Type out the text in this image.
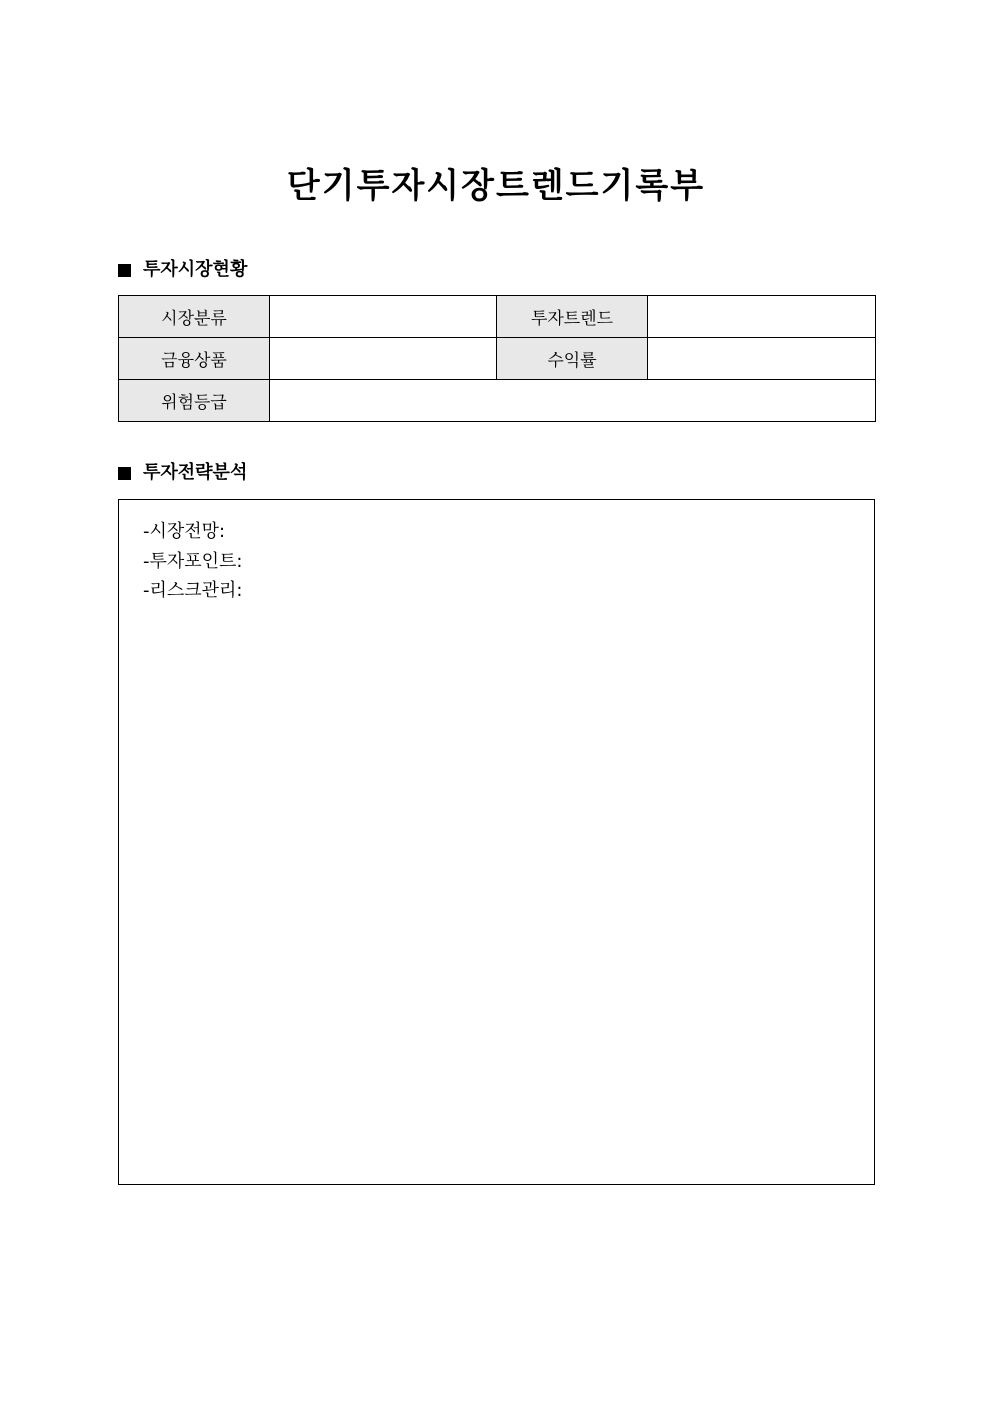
단기투자시장트렌드기록부
투자시장현황
시장분류		투자트렌드	
금융상품		수익률	
위험등급			
투자전략분석
-시장전망:
-투자포인트:
-리스크관리:
